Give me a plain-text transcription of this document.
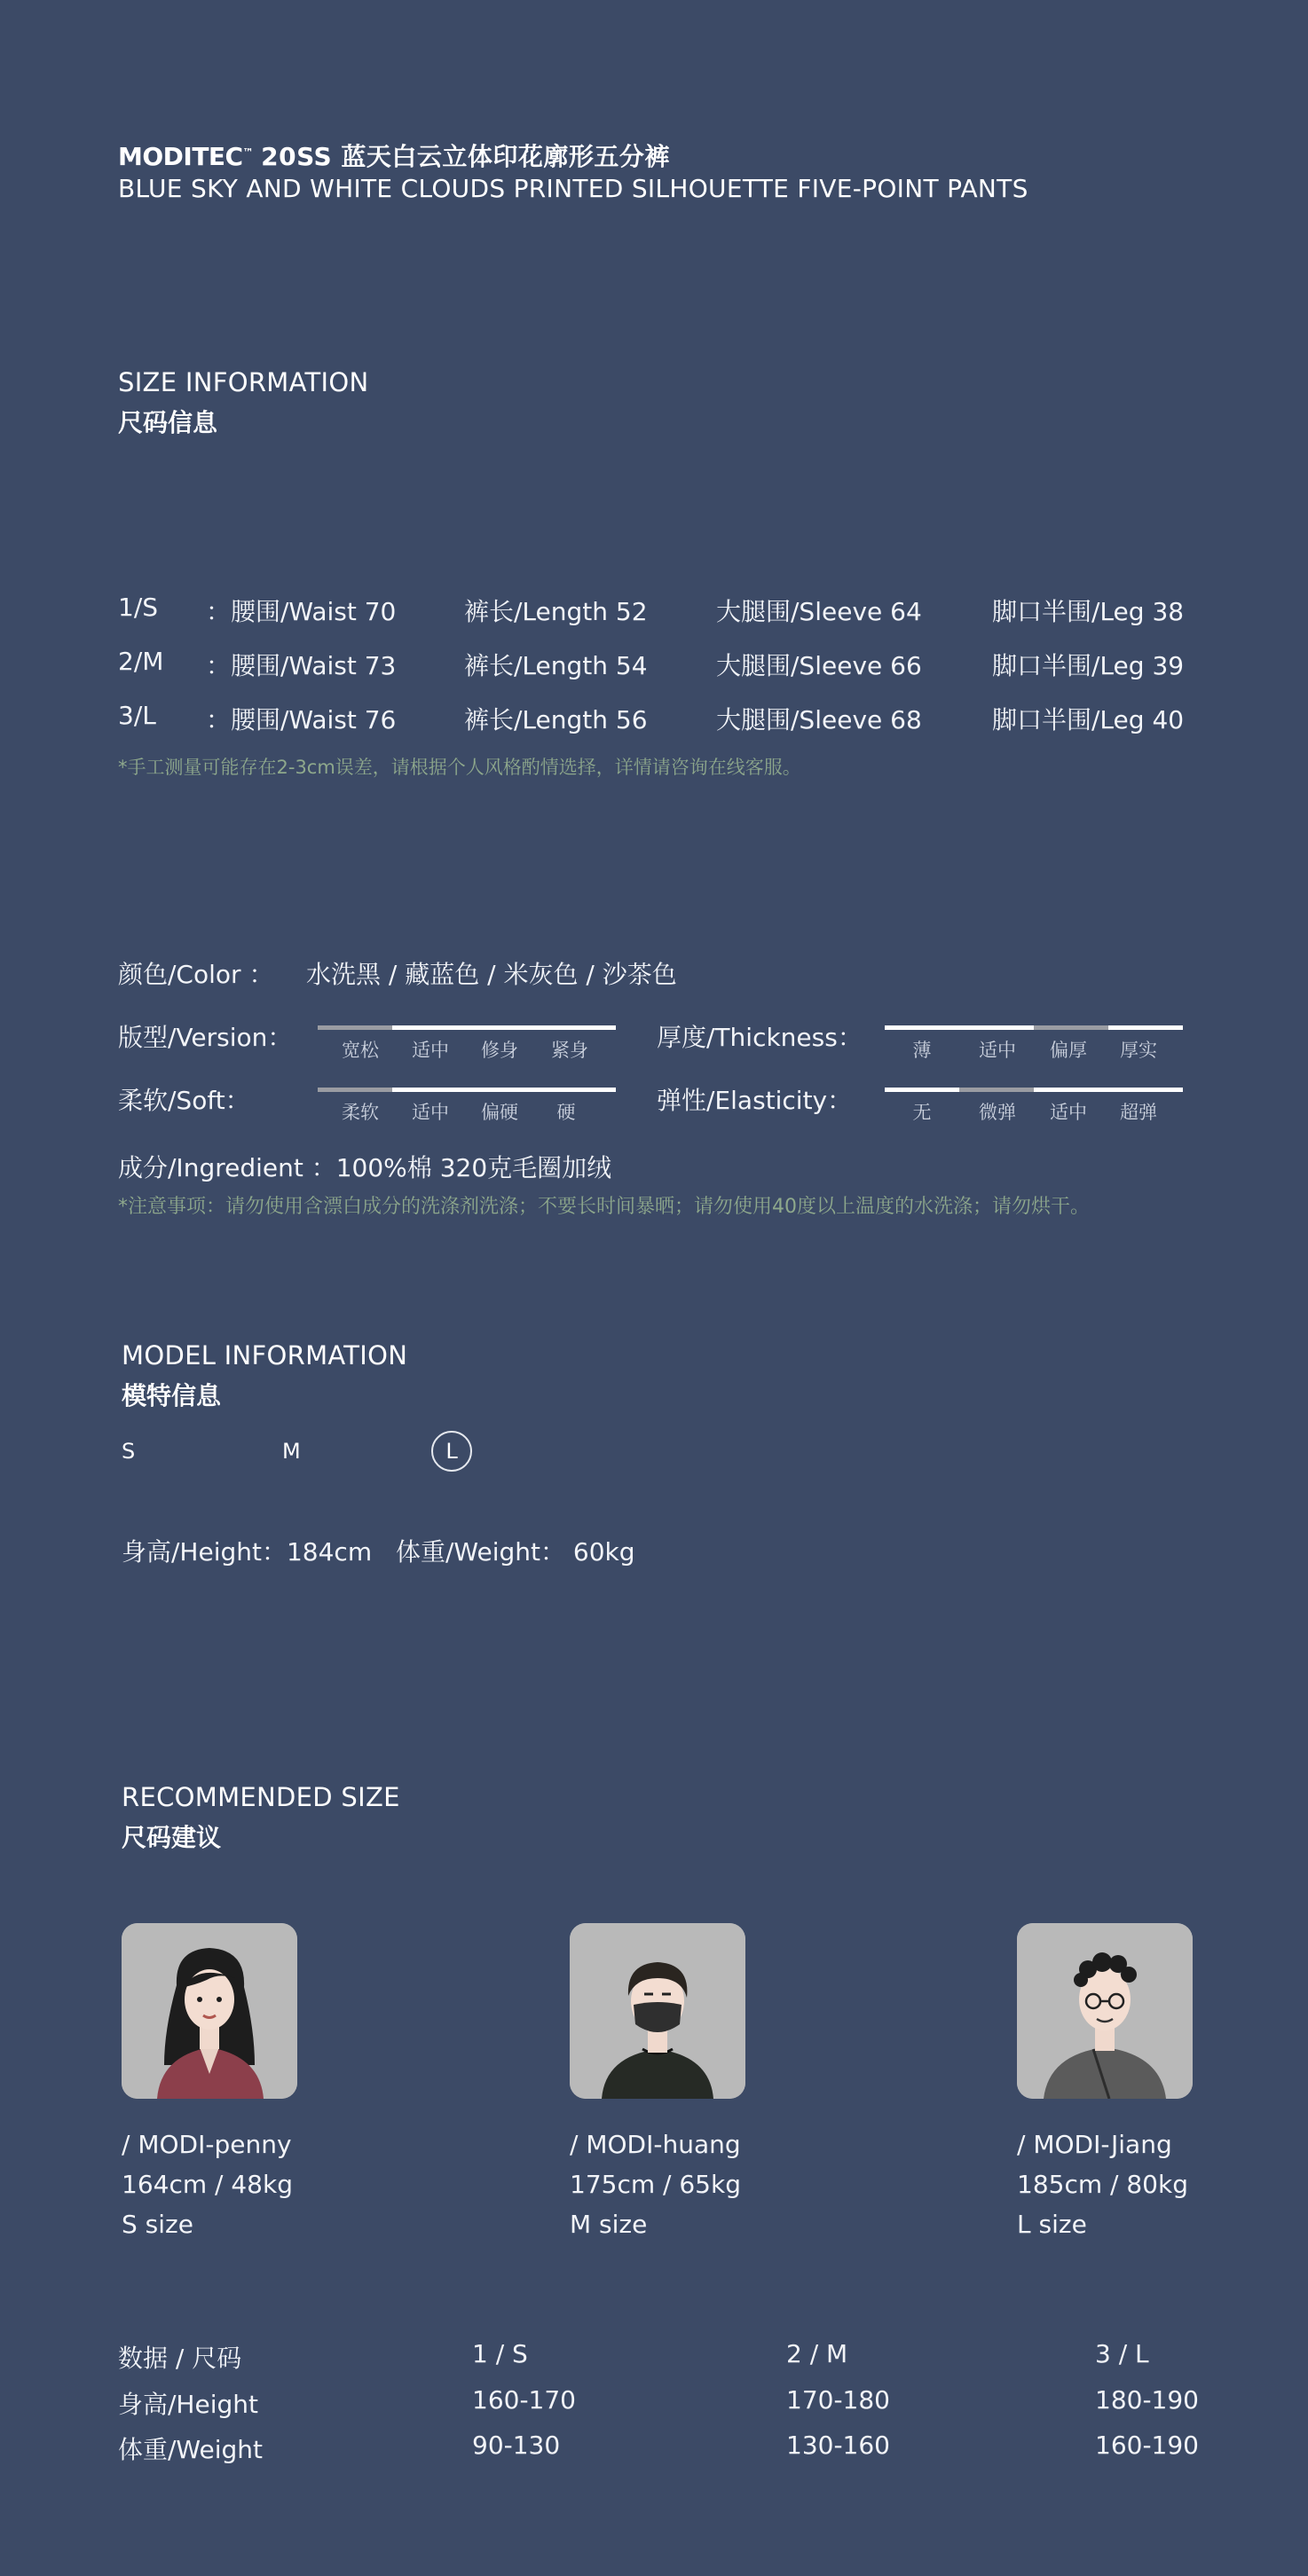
MODITEC™ 20SS 蓝天白云立体印花廓形五分裤
BLUE SKY AND WHITE CLOUDS PRINTED SILHOUETTE FIVE-POINT PANTS
SIZE INFORMATION
尺码信息
1/S ：腰围/Waist 70	裤长/Length 52	大腿围/Sleeve 64	脚口半围/Leg 38
2/M ：腰围/Waist 73	裤长/Length 54	大腿围/Sleeve 66	脚口半围/Leg 39
3/L ：腰围/Waist 76	裤长/Length 56	大腿围/Sleeve 68	脚口半围/Leg 40
*手工测量可能存在2-3cm误差，请根据个人风格酌情选择，详情请咨询在线客服。
颜色/Color ： 水洗黑 / 藏蓝色 / 米灰色 / 沙茶色
版型/Version：	宽松 适中 修身 紧身	厚度/Thickness：	薄	适中 偏厚 厚实
柔软/Soft：	柔软 适中 偏硬 硬	弹性/Elasticity：	无	微弹 适中 超弹
成分/Ingredient ：100%棉 320克毛圈加绒
*注意事项：请勿使用含漂白成分的洗涤剂洗涤；不要长时间暴晒；请勿使用40度以上温度的水洗涤；请勿烘干。
MODEL INFORMATION
模特信息
S	M	L
身高/Height：184cm 体重/Weight： 60kg
RECOMMENDED SIZE
尺码建议
/ MODI-penny
164cm / 48kg
S size
/ MODI-huang
175cm / 65kg
M size
/ MODI-Jiang
185cm / 80kg
L size
数据 / 尺码	1 / S	2 / M	3 / L
身高/Height	160-170	170-180	180-190
体重/Weight	90-130	130-160	160-190
